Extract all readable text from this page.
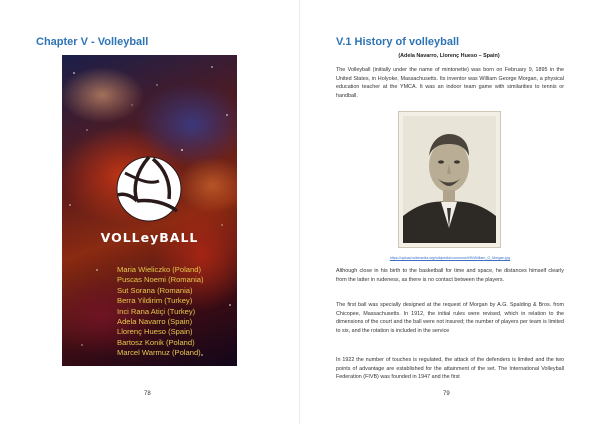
Chapter V - Volleyball
VOLLeyBALL
Maria Wieliczko (Poland)
Puscas Noemi (Romania)
Sut Sorana (Romania)
Berra Yildirim (Turkey)
Inci Rana Atici (Turkey)
Adela Navarro (Spain)
Llorenç Hueso (Spain)
Bartosz Konik (Poland)
Marcel Warmuz (Poland)
78
V.1 History of volleyball

(Adela Navarro, Llorenç Hueso – Spain)

The Volleyball (initially under the name of mintonette) was born on February 9, 1895 in the United States, in Holyoke, Massachusetts. Its inventor was William George Morgan, a physical education teacher at the YMCA. It was an indoor team game with similarities to tennis or handball.

https://upload.wikimedia.org/wikipedia/commons/f/f9/William_G_Morgan.jpg

Although close in his birth to the basketball for time and space, he distances himself clearly from the latter in rudeness, as there is no contact between the players.

The first ball was specially designed at the request of Morgan by A.G. Spalding & Bros. from Chicopee, Massachusetts. In 1912, the initial rules were revised, which in relation to the dimensions of the court and the ball were not insured; the number of players per team is limited to six, and the rotation is included in the service

In 1922 the number of touches is regulated, the attack of the defenders is limited and the two points of advantage are established for the attainment of the set. The International Volleyball Federation (FIVB) was founded in 1947 and the first

79
